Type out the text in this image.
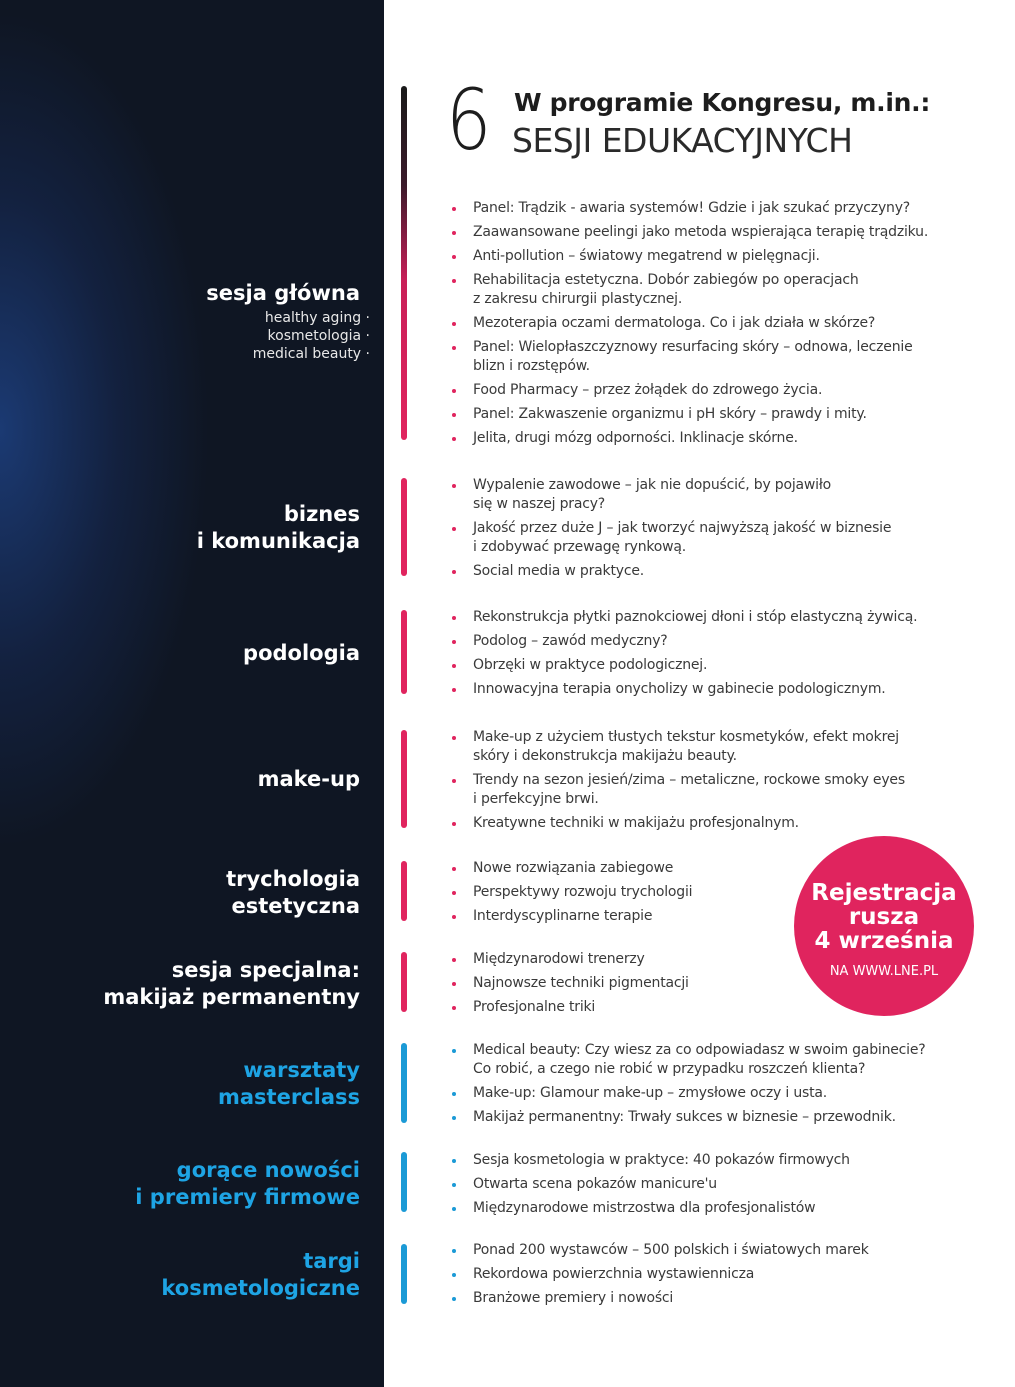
6 W programie Kongresu, m.in.:
SESJI EDUKACYJNYCH
sesja główna
healthy aging ·
kosmetologia ·
medical beauty ·
Panel: Trądzik - awaria systemów! Gdzie i jak szukać przyczyny?
Zaawansowane peelingi jako metoda wspierająca terapię trądziku.
Anti-pollution – światowy megatrend w pielęgnacji.
Rehabilitacja estetyczna. Dobór zabiegów po operacjach
z zakresu chirurgii plastycznej.
Mezoterapia oczami dermatologa. Co i jak działa w skórze?
Panel: Wielopłaszczyznowy resurfacing skóry – odnowa, leczenie
blizn i rozstępów.
Food Pharmacy – przez żołądek do zdrowego życia.
Panel: Zakwaszenie organizmu i pH skóry – prawdy i mity.
Jelita, drugi mózg odporności. Inklinacje skórne.
biznes
i komunikacja
Wypalenie zawodowe – jak nie dopuścić, by pojawiło
się w naszej pracy?
Jakość przez duże J – jak tworzyć najwyższą jakość w biznesie
i zdobywać przewagę rynkową.
Social media w praktyce.
podologia
Rekonstrukcja płytki paznokciowej dłoni i stóp elastyczną żywicą.
Podolog – zawód medyczny?
Obrzęki w praktyce podologicznej.
Innowacyjna terapia onycholizy w gabinecie podologicznym.
make-up
Make-up z użyciem tłustych tekstur kosmetyków, efekt mokrej
skóry i dekonstrukcja makijażu beauty.
Trendy na sezon jesień/zima – metaliczne, rockowe smoky eyes
i perfekcyjne brwi.
Kreatywne techniki w makijażu profesjonalnym.
trychologia
estetyczna
Nowe rozwiązania zabiegowe
Perspektywy rozwoju trychologii
Interdyscyplinarne terapie
sesja specjalna:
makijaż permanentny
Międzynarodowi trenerzy
Najnowsze techniki pigmentacji
Profesjonalne triki
warsztaty
masterclass
Medical beauty: Czy wiesz za co odpowiadasz w swoim gabinecie?
Co robić, a czego nie robić w przypadku roszczeń klienta?
Make-up: Glamour make-up – zmysłowe oczy i usta.
Makijaż permanentny: Trwały sukces w biznesie – przewodnik.
gorące nowości
i premiery firmowe
Sesja kosmetologia w praktyce: 40 pokazów firmowych
Otwarta scena pokazów manicure'u
Międzynarodowe mistrzostwa dla profesjonalistów
targi
kosmetologiczne
Ponad 200 wystawców – 500 polskich i światowych marek
Rekordowa powierzchnia wystawiennicza
Branżowe premiery i nowości
Rejestracja
rusza
4 września
NA WWW.LNE.PL
